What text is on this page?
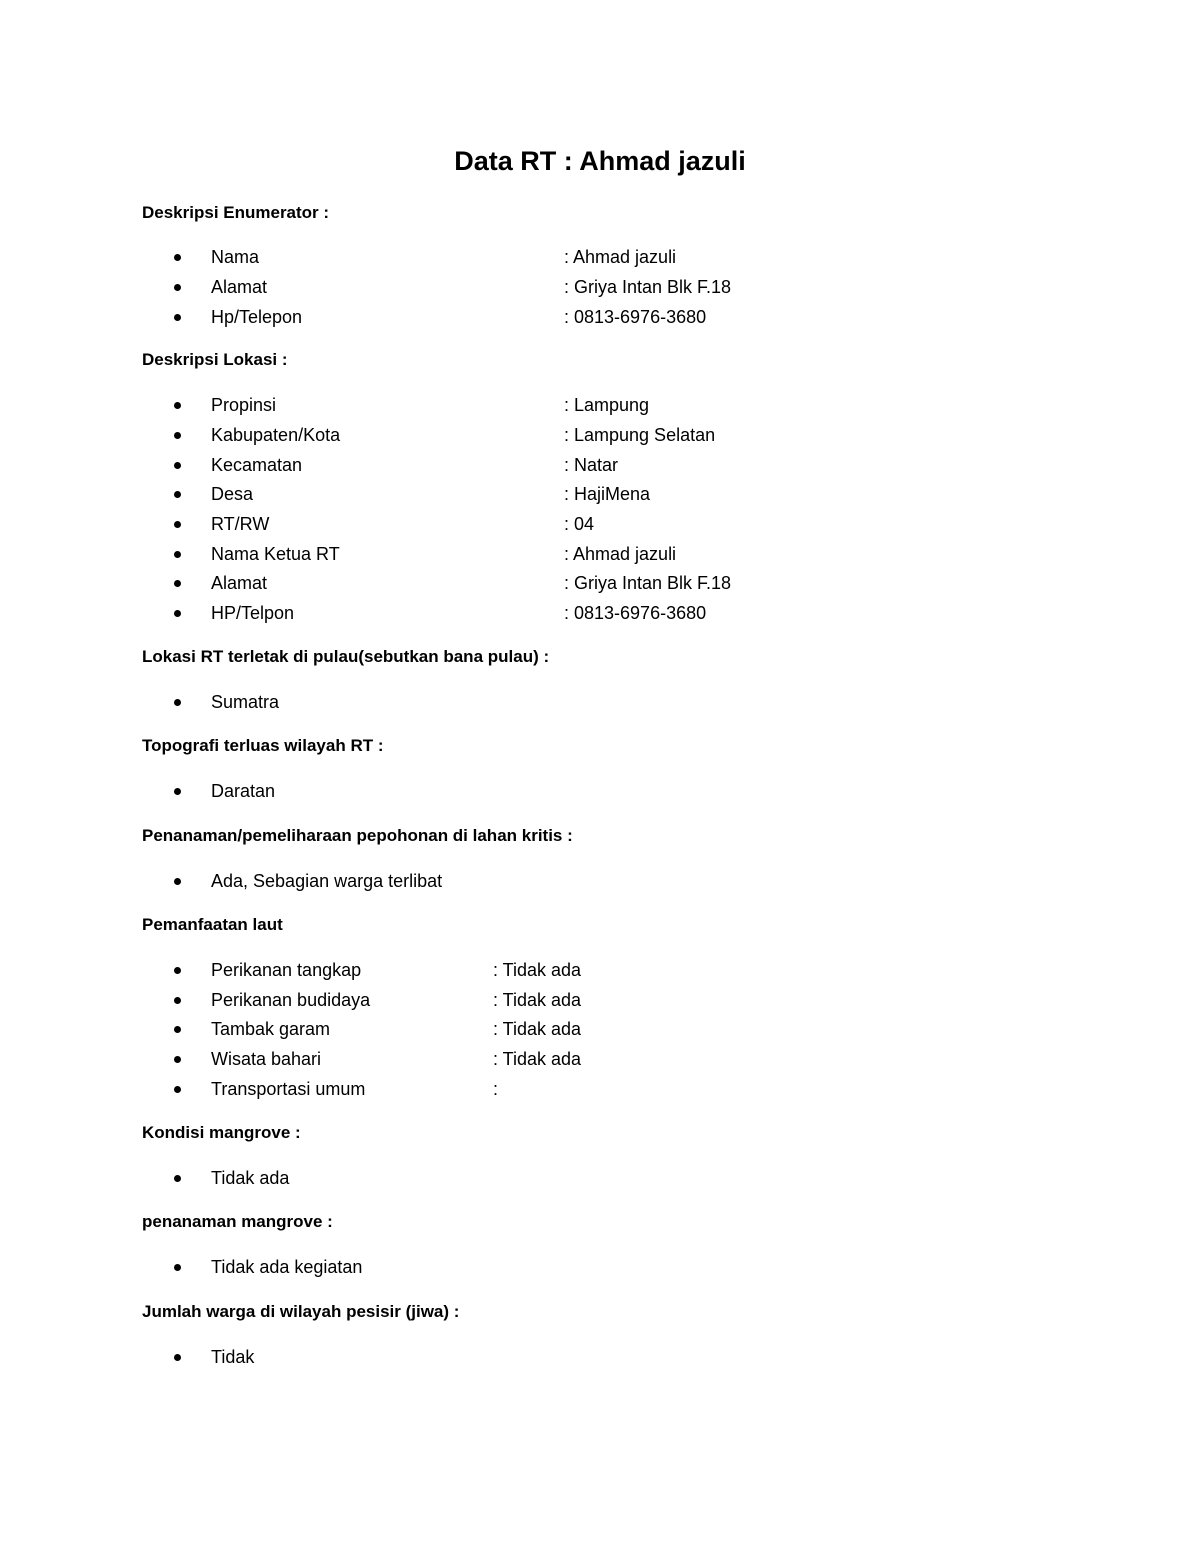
Data RT : Ahmad jazuli
Deskripsi Enumerator :
Nama	: Ahmad jazuli
Alamat	: Griya Intan Blk F.18
Hp/Telepon	: 0813-6976-3680
Deskripsi Lokasi :
Propinsi	: Lampung
Kabupaten/Kota	: Lampung Selatan
Kecamatan	: Natar
Desa	: HajiMena
RT/RW	: 04
Nama Ketua RT	: Ahmad jazuli
Alamat	: Griya Intan Blk F.18
HP/Telpon	: 0813-6976-3680
Lokasi RT terletak di pulau(sebutkan bana pulau) :
Sumatra
Topografi terluas wilayah RT :
Daratan
Penanaman/pemeliharaan pepohonan di lahan kritis :
Ada, Sebagian warga terlibat
Pemanfaatan laut
Perikanan tangkap	: Tidak ada
Perikanan budidaya	: Tidak ada
Tambak garam	: Tidak ada
Wisata bahari	: Tidak ada
Transportasi umum	:
Kondisi mangrove :
Tidak ada
penanaman mangrove :
Tidak ada kegiatan
Jumlah warga di wilayah pesisir (jiwa) :
Tidak
